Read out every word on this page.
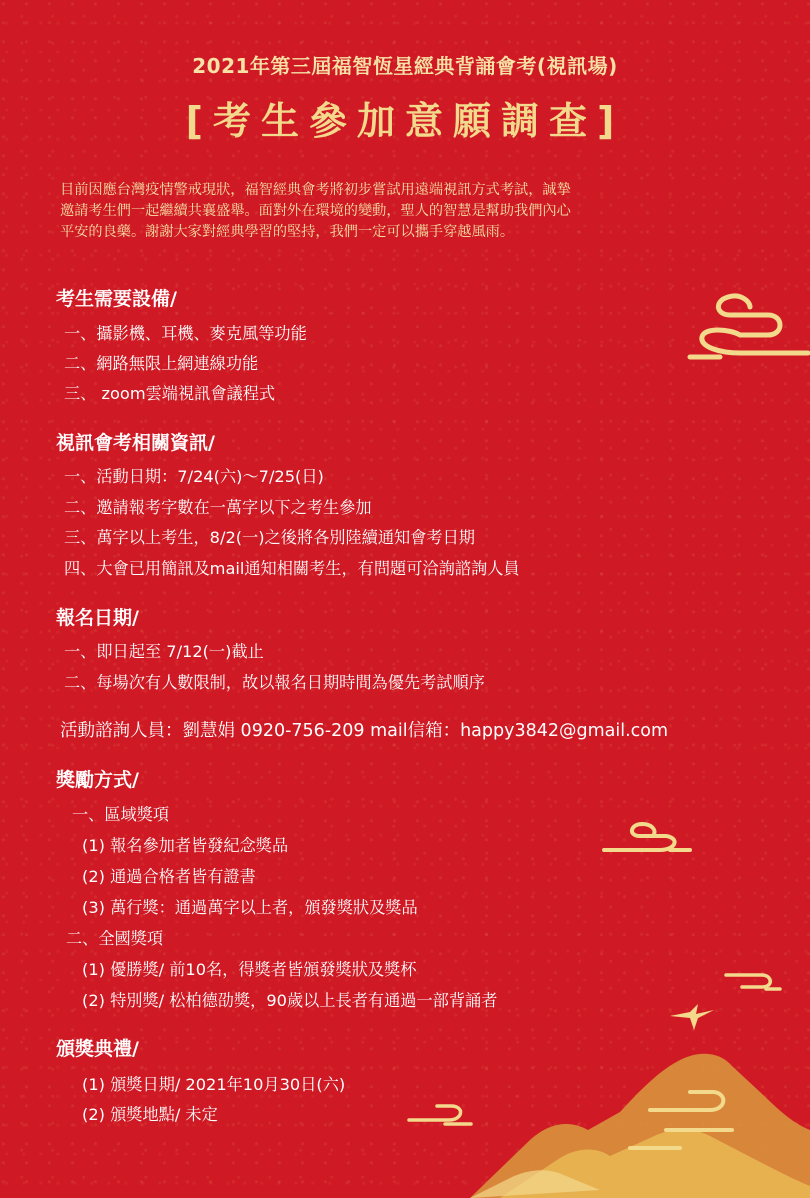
2021年第三屆福智恆星經典背誦會考(視訊場)
[考生參加意願調查]
目前因應台灣疫情警戒現狀，福智經典會考將初步嘗試用遠端視訊方式考試，誠摯
邀請考生們一起繼續共襄盛舉。面對外在環境的變動，聖人的智慧是幫助我們內心
平安的良藥。謝謝大家對經典學習的堅持，我們一定可以攜手穿越風雨。
考生需要設備/
一、攝影機、耳機、麥克風等功能
二、網路無限上網連線功能
三、 zoom雲端視訊會議程式
視訊會考相關資訊/
一、活動日期：7/24(六)～7/25(日)
二、邀請報考字數在一萬字以下之考生參加
三、萬字以上考生，8/2(一)之後將各別陸續通知會考日期
四、大會已用簡訊及mail通知相關考生，有問題可洽詢諮詢人員
報名日期/
一、即日起至 7/12(一)截止
二、每場次有人數限制，故以報名日期時間為優先考試順序
活動諮詢人員：劉慧娟 0920-756-209 mail信箱：happy3842@gmail.com
獎勵方式/
一、區域獎項
(1) 報名參加者皆發紀念獎品
(2) 通過合格者皆有證書
(3) 萬行獎：通過萬字以上者，頒發獎狀及獎品
二、全國獎項
(1) 優勝獎/ 前10名，得獎者皆頒發獎狀及獎杯
(2) 特別獎/ 松柏德劭獎，90歲以上長者有通過一部背誦者
頒獎典禮/
(1) 頒獎日期/ 2021年10月30日(六)
(2) 頒獎地點/ 未定
